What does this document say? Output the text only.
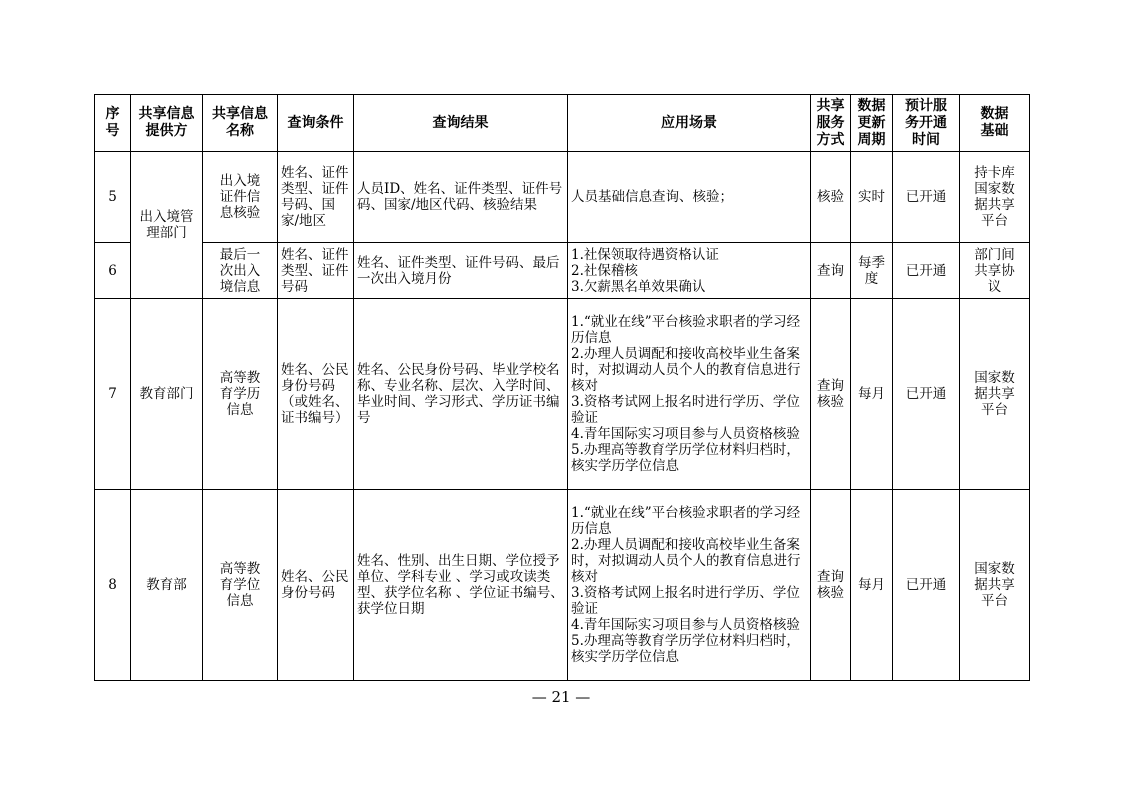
序
号	共享信息
提供方	共享信息
名称	查询条件	查询结果	应用场景	共享
服务
方式	数据
更新
周期	预计服
务开通
时间	数据
基础
5	出入境管
理部门	出入境
证件信
息核验	姓名、证件类型、证件号码、国家/地区	人员ID、姓名、证件类型、证件号码、国家/地区代码、核验结果	人员基础信息查询、核验；	核验	实时	已开通	持卡库
国家数
据共享
平台
6		最后一
次出入
境信息	姓名、证件类型、证件号码	姓名、证件类型、证件号码、最后一次出入境月份	1.社保领取待遇资格认证
2.社保稽核
3.欠薪黑名单效果确认	查询	每季
度	已开通	部门间
共享协
议
7	教育部门	高等教
育学历
信息	姓名、公民身份号码（或姓名、证书编号）	姓名、公民身份号码、毕业学校名称、专业名称、层次、入学时间、毕业时间、学习形式、学历证书编号	1.“就业在线”平台核验求职者的学习经历信息
2.办理人员调配和接收高校毕业生备案时，对拟调动人员个人的教育信息进行核对
3.资格考试网上报名时进行学历、学位验证
4.青年国际实习项目参与人员资格核验
5.办理高等教育学历学位材料归档时，核实学历学位信息	查询
核验	每月	已开通	国家数
据共享
平台
8	教育部	高等教
育学位
信息	姓名、公民身份号码	姓名、性别、出生日期、学位授予单位、学科专业 、学习或攻读类型、获学位名称 、学位证书编号、获学位日期	1.“就业在线”平台核验求职者的学习经历信息
2.办理人员调配和接收高校毕业生备案时，对拟调动人员个人的教育信息进行核对
3.资格考试网上报名时进行学历、学位验证
4.青年国际实习项目参与人员资格核验
5.办理高等教育学历学位材料归档时，核实学历学位信息	查询
核验	每月	已开通	国家数
据共享
平台
— 21 —
